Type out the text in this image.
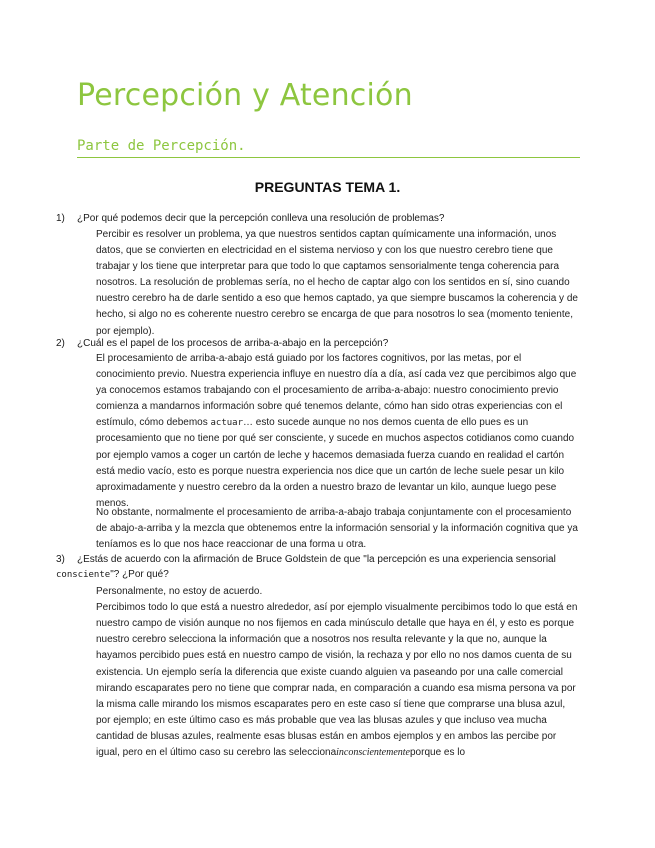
Percepción y Atención
Parte de Percepción.
PREGUNTAS TEMA 1.
1) ¿Por qué podemos decir que la percepción conlleva una resolución de problemas?
Percibir es resolver un problema, ya que nuestros sentidos captan químicamente una información, unos datos, que se convierten en electricidad en el sistema nervioso y con los que nuestro cerebro tiene que trabajar y los tiene que interpretar para que todo lo que captamos sensorialmente tenga coherencia para nosotros. La resolución de problemas sería, no el hecho de captar algo con los sentidos en sí, sino cuando nuestro cerebro ha de darle sentido a eso que hemos captado, ya que siempre buscamos la coherencia y de hecho, si algo no es coherente nuestro cerebro se encarga de que para nosotros lo sea (momento teniente, por ejemplo).
2) ¿Cuál es el papel de los procesos de arriba-a-abajo en la percepción?
El procesamiento de arriba-a-abajo está guiado por los factores cognitivos, por las metas, por el conocimiento previo. Nuestra experiencia influye en nuestro día a día, así cada vez que percibimos algo que ya conocemos estamos trabajando con el procesamiento de arriba-a-abajo: nuestro conocimiento previo comienza a mandarnos información sobre qué tenemos delante, cómo han sido otras experiencias con el estímulo, cómo debemos actuar… esto sucede aunque no nos demos cuenta de ello pues es un procesamiento que no tiene por qué ser consciente, y sucede en muchos aspectos cotidianos como cuando por ejemplo vamos a coger un cartón de leche y hacemos demasiada fuerza cuando en realidad el cartón está medio vacío, esto es porque nuestra experiencia nos dice que un cartón de leche suele pesar un kilo aproximadamente y nuestro cerebro da la orden a nuestro brazo de levantar un kilo, aunque luego pese menos.
No obstante, normalmente el procesamiento de arriba-a-abajo trabaja conjuntamente con el procesamiento de abajo-a-arriba y la mezcla que obtenemos entre la información sensorial y la información cognitiva que ya teníamos es lo que nos hace reaccionar de una forma u otra.
3) ¿Estás de acuerdo con la afirmación de Bruce Goldstein de que "la percepción es una experiencia sensorial consciente"? ¿Por qué?
Personalmente, no estoy de acuerdo.
Percibimos todo lo que está a nuestro alrededor, así por ejemplo visualmente percibimos todo lo que está en nuestro campo de visión aunque no nos fijemos en cada minúsculo detalle que haya en él, y esto es porque nuestro cerebro selecciona la información que a nosotros nos resulta relevante y la que no, aunque la hayamos percibido pues está en nuestro campo de visión, la rechaza y por ello no nos damos cuenta de su existencia. Un ejemplo sería la diferencia que existe cuando alguien va paseando por una calle comercial mirando escaparates pero no tiene que comprar nada, en comparación a cuando esa misma persona va por la misma calle mirando los mismos escaparates pero en este caso sí tiene que comprarse una blusa azul, por ejemplo; en este último caso es más probable que vea las blusas azules y que incluso vea mucha cantidad de blusas azules, realmente esas blusas están en ambos ejemplos y en ambos las percibe por igual, pero en el último caso su cerebro las seleccionainconscientementeporque es lo
